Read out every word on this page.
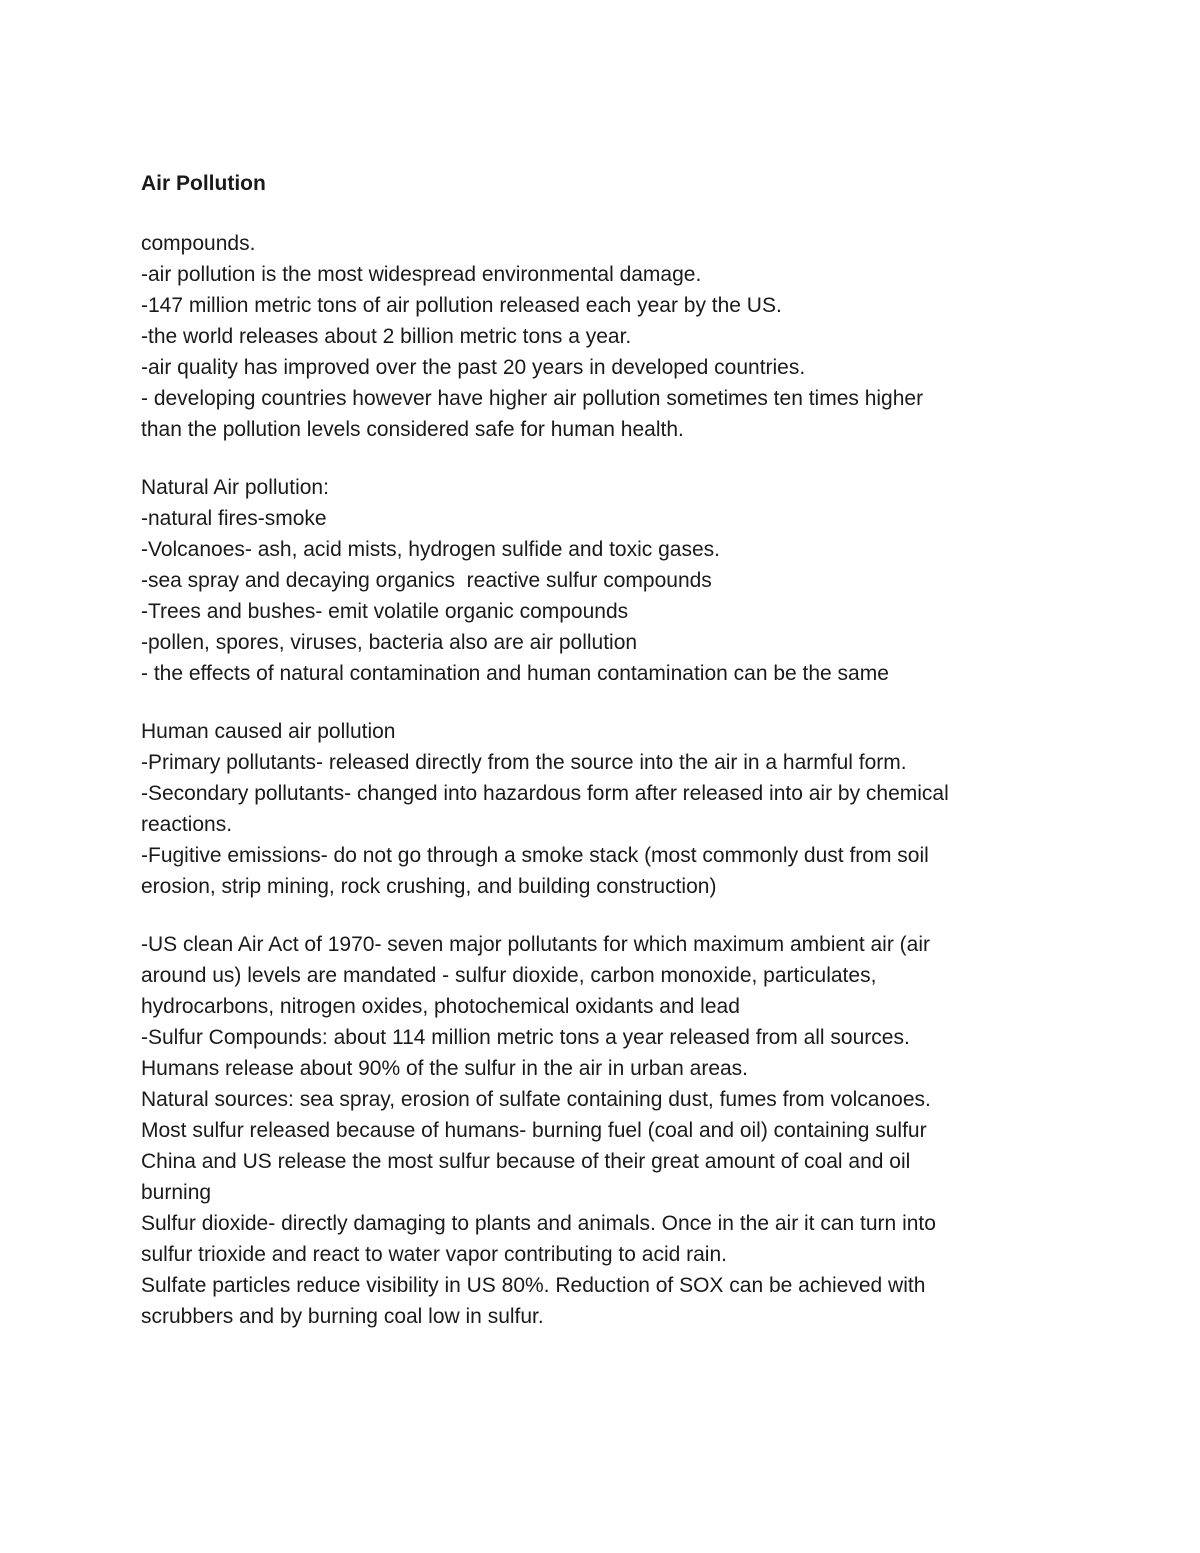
Air Pollution
compounds.
-air pollution is the most widespread environmental damage.
-147 million metric tons of air pollution released each year by the US.
-the world releases about 2 billion metric tons a year.
-air quality has improved over the past 20 years in developed countries.
- developing countries however have higher air pollution sometimes ten times higher
than the pollution levels considered safe for human health.
Natural Air pollution:
-natural fires-smoke
-Volcanoes- ash, acid mists, hydrogen sulfide and toxic gases.
-sea spray and decaying organics  reactive sulfur compounds
-Trees and bushes- emit volatile organic compounds
-pollen, spores, viruses, bacteria also are air pollution
- the effects of natural contamination and human contamination can be the same
Human caused air pollution
-Primary pollutants- released directly from the source into the air in a harmful form.
-Secondary pollutants- changed into hazardous form after released into air by chemical
reactions.
-Fugitive emissions- do not go through a smoke stack (most commonly dust from soil
erosion, strip mining, rock crushing, and building construction)
-US clean Air Act of 1970- seven major pollutants for which maximum ambient air (air
around us) levels are mandated - sulfur dioxide, carbon monoxide, particulates,
hydrocarbons, nitrogen oxides, photochemical oxidants and lead
-Sulfur Compounds: about 114 million metric tons a year released from all sources.
Humans release about 90% of the sulfur in the air in urban areas.
Natural sources: sea spray, erosion of sulfate containing dust, fumes from volcanoes.
Most sulfur released because of humans- burning fuel (coal and oil) containing sulfur
China and US release the most sulfur because of their great amount of coal and oil
burning
Sulfur dioxide- directly damaging to plants and animals. Once in the air it can turn into
sulfur trioxide and react to water vapor contributing to acid rain.
Sulfate particles reduce visibility in US 80%. Reduction of SOX can be achieved with
scrubbers and by burning coal low in sulfur.
